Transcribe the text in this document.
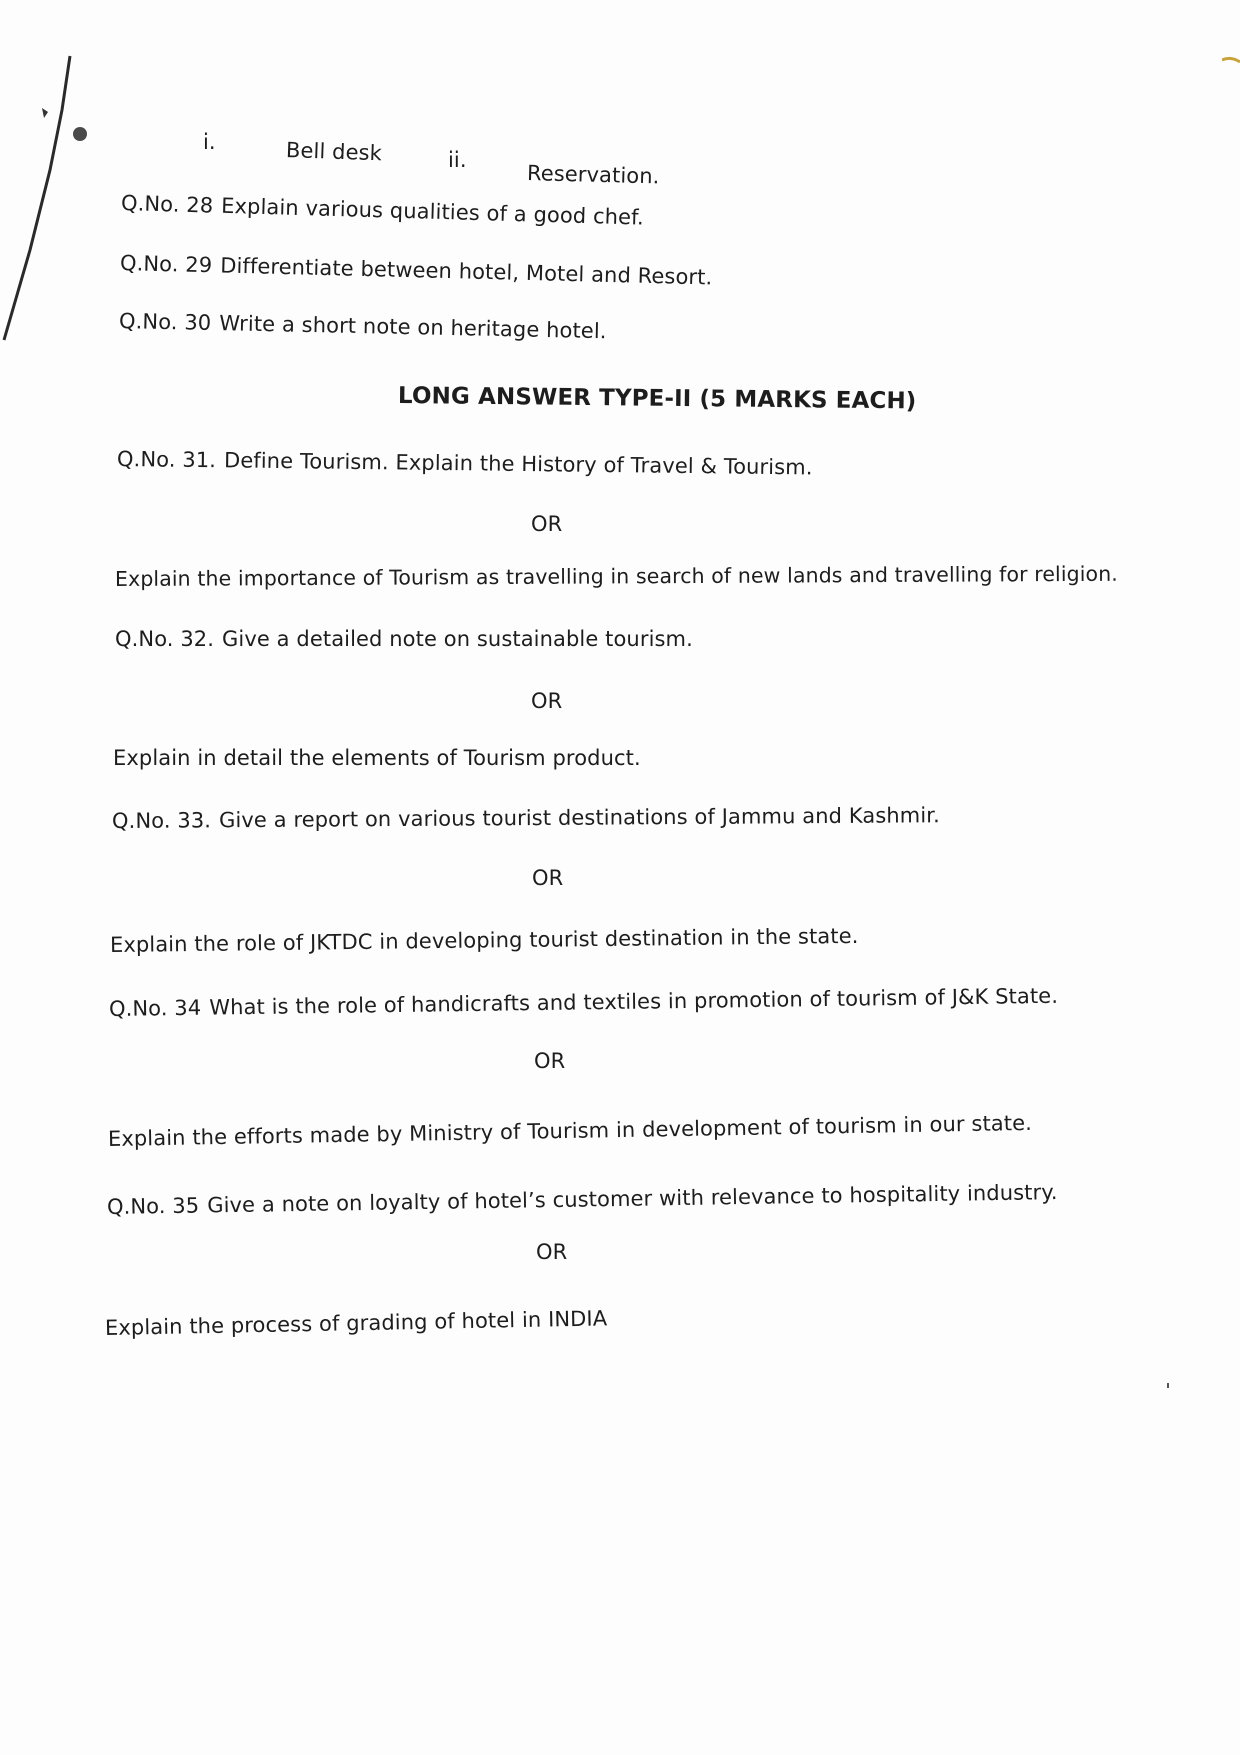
i.	Bell desk	ii.
Reservation.
Q.No. 28 Explain various qualities of a good chef.
Q.No. 29 Differentiate between hotel, Motel and Resort.
Q.No. 30 Write a short note on heritage hotel.
LONG ANSWER TYPE-II (5 MARKS EACH)
Q.No. 31. Define Tourism. Explain the History of Travel & Tourism.
OR
Explain the importance of Tourism as travelling in search of new lands and travelling for religion.
Q.No. 32. Give a detailed note on sustainable tourism.
OR
Explain in detail the elements of Tourism product.
Q.No. 33. Give a report on various tourist destinations of Jammu and Kashmir.
OR
Explain the role of JKTDC in developing tourist destination in the state.
Q.No. 34 What is the role of handicrafts and textiles in promotion of tourism of J&K State.
OR
Explain the efforts made by Ministry of Tourism in development of tourism in our state.
Q.No. 35 Give a note on loyalty of hotel’s customer with relevance to hospitality industry.
OR
Explain the process of grading of hotel in INDIA
